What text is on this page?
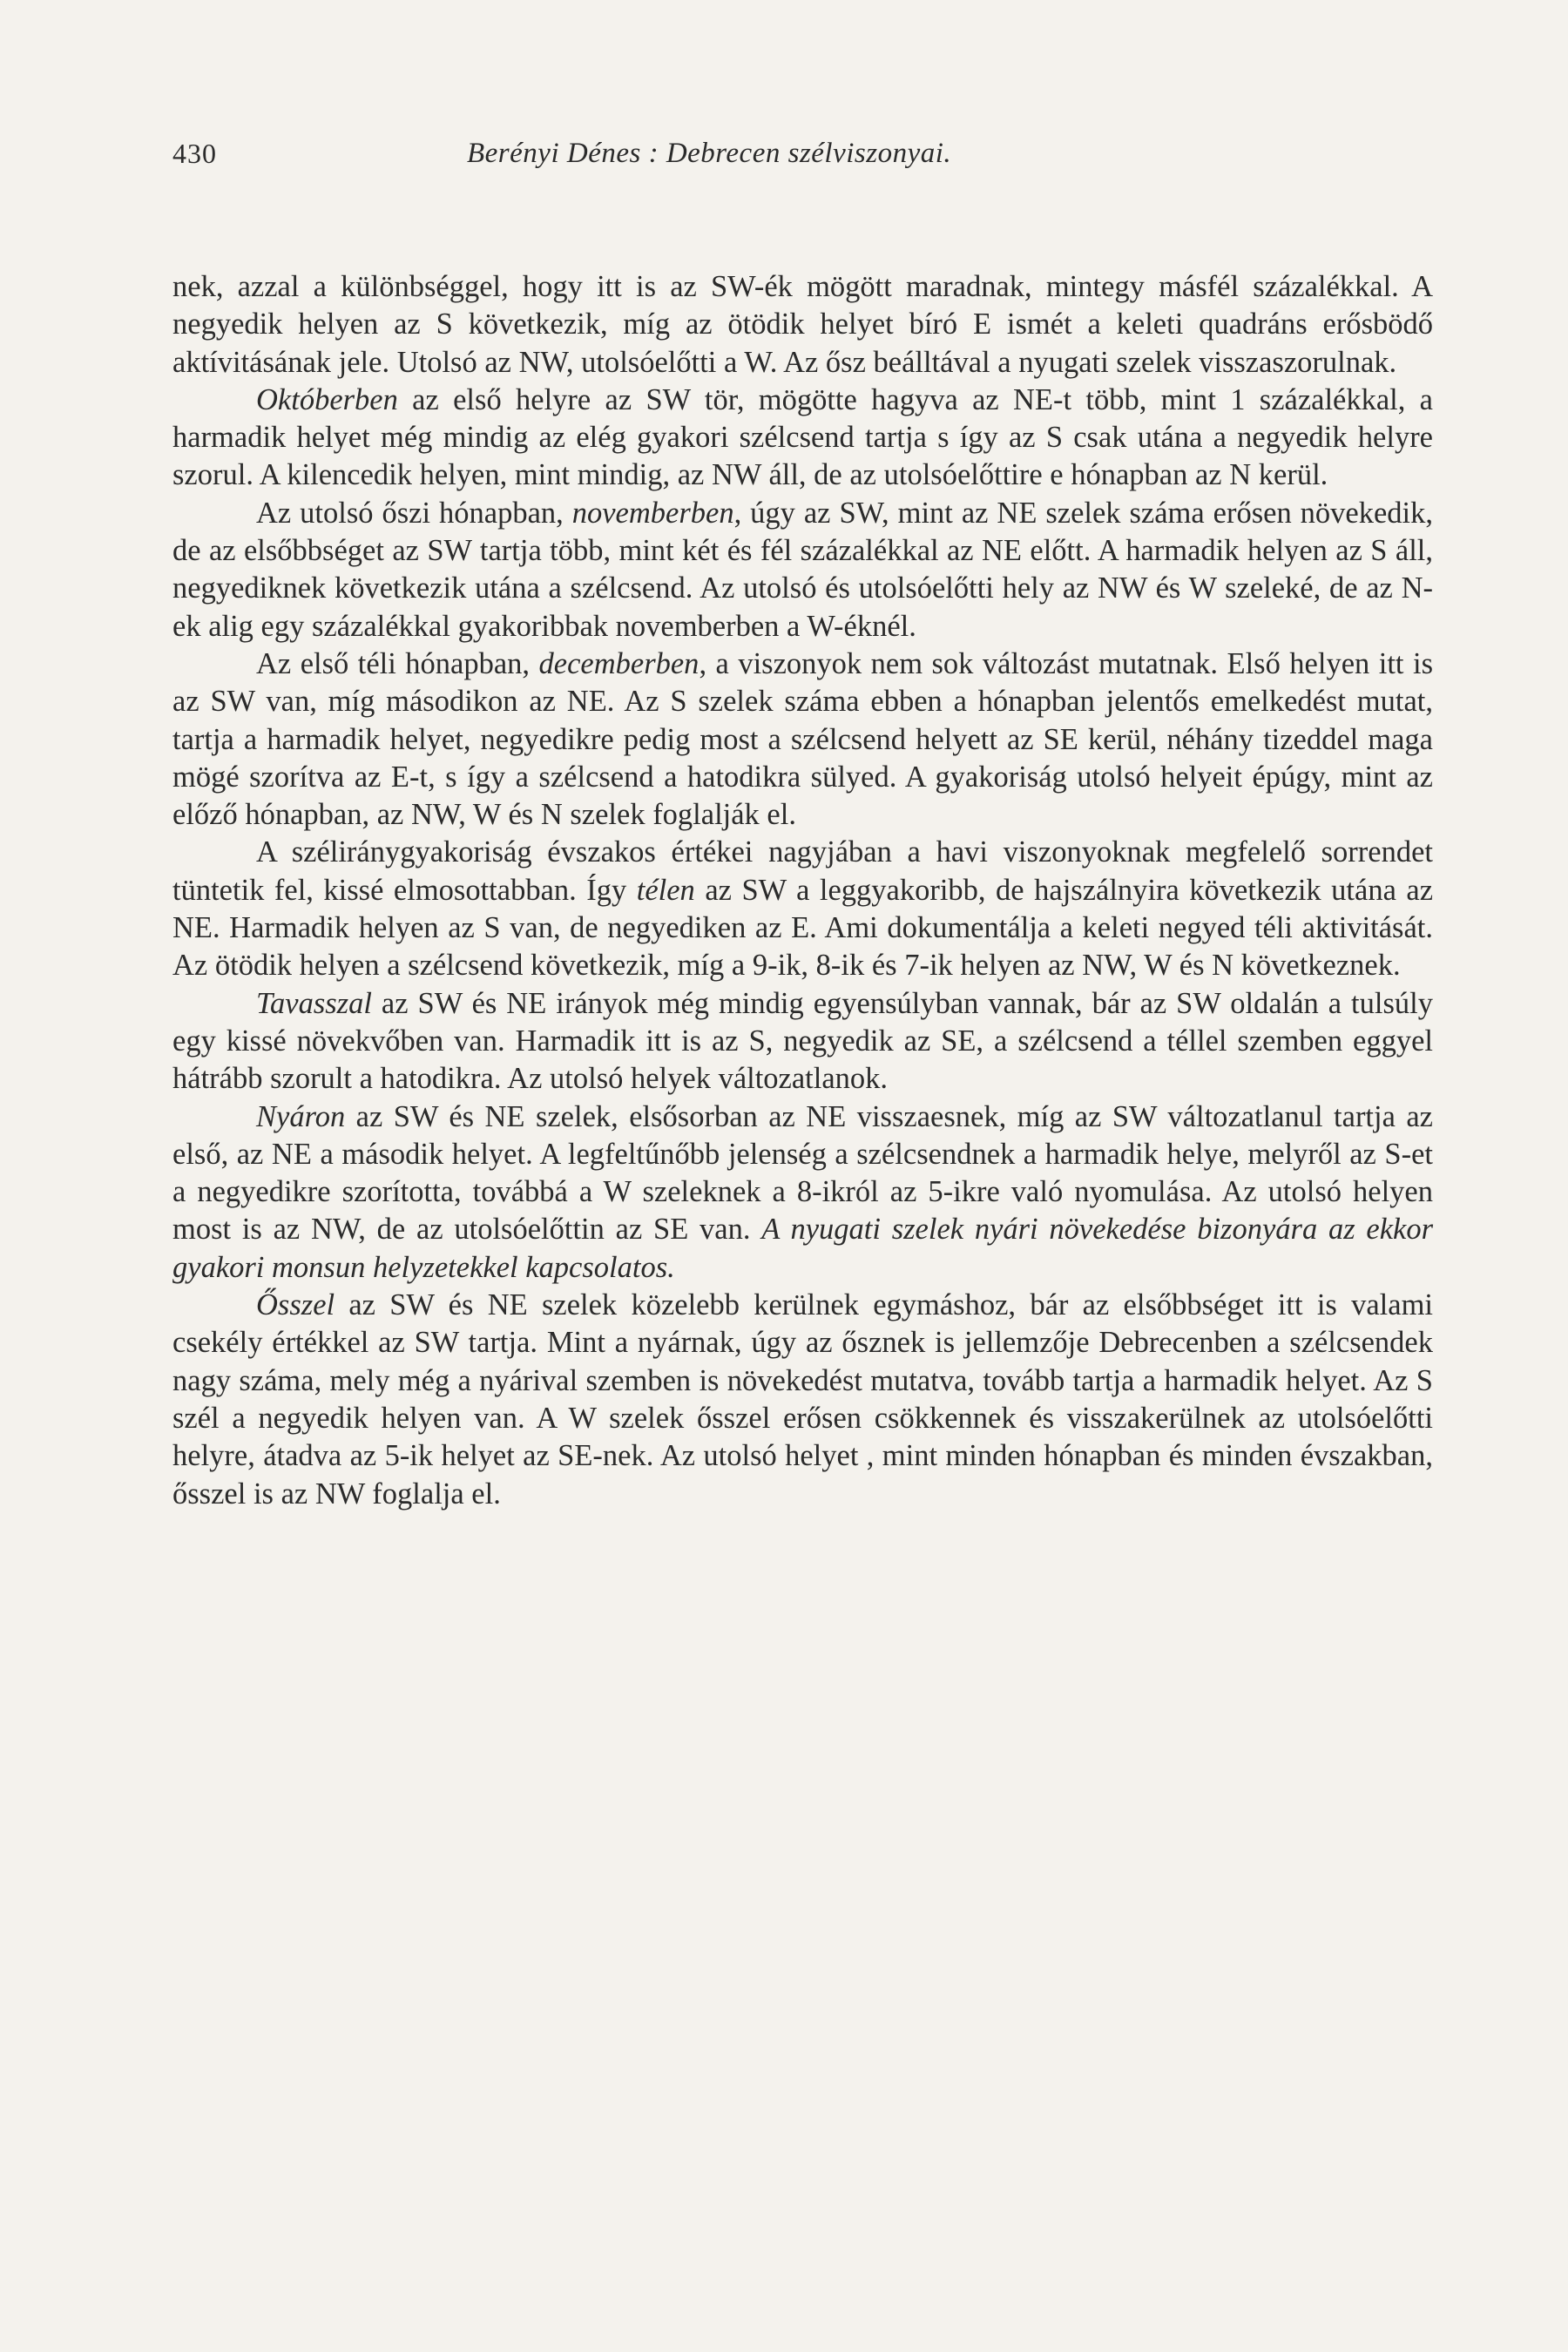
430	Berényi Dénes : Debrecen szélviszonyai.

nek, azzal a különbséggel, hogy itt is az SW-ék mögött maradnak, mintegy másfél százalékkal. A negyedik helyen az S következik, míg az ötödik helyet bíró E ismét a keleti quadráns erősbödő aktívitásának jele. Utolsó az NW, utolsóelőtti a W. Az ősz beálltával a nyugati szelek visszaszorulnak.

Októberben az első helyre az SW tör, mögötte hagyva az NE-t több, mint 1 százalékkal, a harmadik helyet még mindig az elég gyakori szélcsend tartja s így az S csak utána a negyedik helyre szorul. A kilencedik helyen, mint mindig, az NW áll, de az utolsóelőttire e hónapban az N kerül.

Az utolsó őszi hónapban, novemberben, úgy az SW, mint az NE szelek száma erősen növekedik, de az elsőbbséget az SW tartja több, mint két és fél százalékkal az NE előtt. A harmadik helyen az S áll, negyediknek következik utána a szélcsend. Az utolsó és utolsóelőtti hely az NW és W szeleké, de az N-ek alig egy százalékkal gyakoribbak novemberben a W-éknél.

Az első téli hónapban, decemberben, a viszonyok nem sok változást mutatnak. Első helyen itt is az SW van, míg másodikon az NE. Az S szelek száma ebben a hónapban jelentős emelkedést mutat, tartja a harmadik helyet, negyedikre pedig most a szélcsend helyett az SE kerül, néhány tizeddel maga mögé szorítva az E-t, s így a szélcsend a hatodikra sülyed. A gyakoriság utolsó helyeit épúgy, mint az előző hónapban, az NW, W és N szelek foglalják el.

A széliránygyakoriság évszakos értékei nagyjában a havi viszonyoknak megfelelő sorrendet tüntetik fel, kissé elmosottabban. Így télen az SW a leggyakoribb, de hajszálnyira következik utána az NE. Harmadik helyen az S van, de negyediken az E. Ami dokumentálja a keleti negyed téli aktivitását. Az ötödik helyen a szélcsend következik, míg a 9-ik, 8-ik és 7-ik helyen az NW, W és N következnek.

Tavasszal az SW és NE irányok még mindig egyensúlyban vannak, bár az SW oldalán a tulsúly egy kissé növekvőben van. Harmadik itt is az S, negyedik az SE, a szélcsend a téllel szemben eggyel hátrább szorult a hatodikra. Az utolsó helyek változatlanok.

Nyáron az SW és NE szelek, elsősorban az NE visszaesnek, míg az SW változatlanul tartja az első, az NE a második helyet. A legfeltűnőbb jelenség a szélcsendnek a harmadik helye, melyről az S-et a negyedikre szorította, továbbá a W szeleknek a 8-ikról az 5-ikre való nyomulása. Az utolsó helyen most is az NW, de az utolsóelőttin az SE van. A nyugati szelek nyári növekedése bizonyára az ekkor gyakori monsun helyzetekkel kapcsolatos.

Ősszel az SW és NE szelek közelebb kerülnek egymáshoz, bár az elsőbbséget itt is valami csekély értékkel az SW tartja. Mint a nyárnak, úgy az ősznek is jellemzője Debrecenben a szélcsendek nagy száma, mely még a nyárival szemben is növekedést mutatva, tovább tartja a harmadik helyet. Az S szél a negyedik helyen van. A W szelek ősszel erősen csökkennek és visszakerülnek az utolsóelőtti helyre, átadva az 5-ik helyet az SE-nek. Az utolsó helyet , mint minden hónapban és minden évszakban, ősszel is az NW foglalja el.
